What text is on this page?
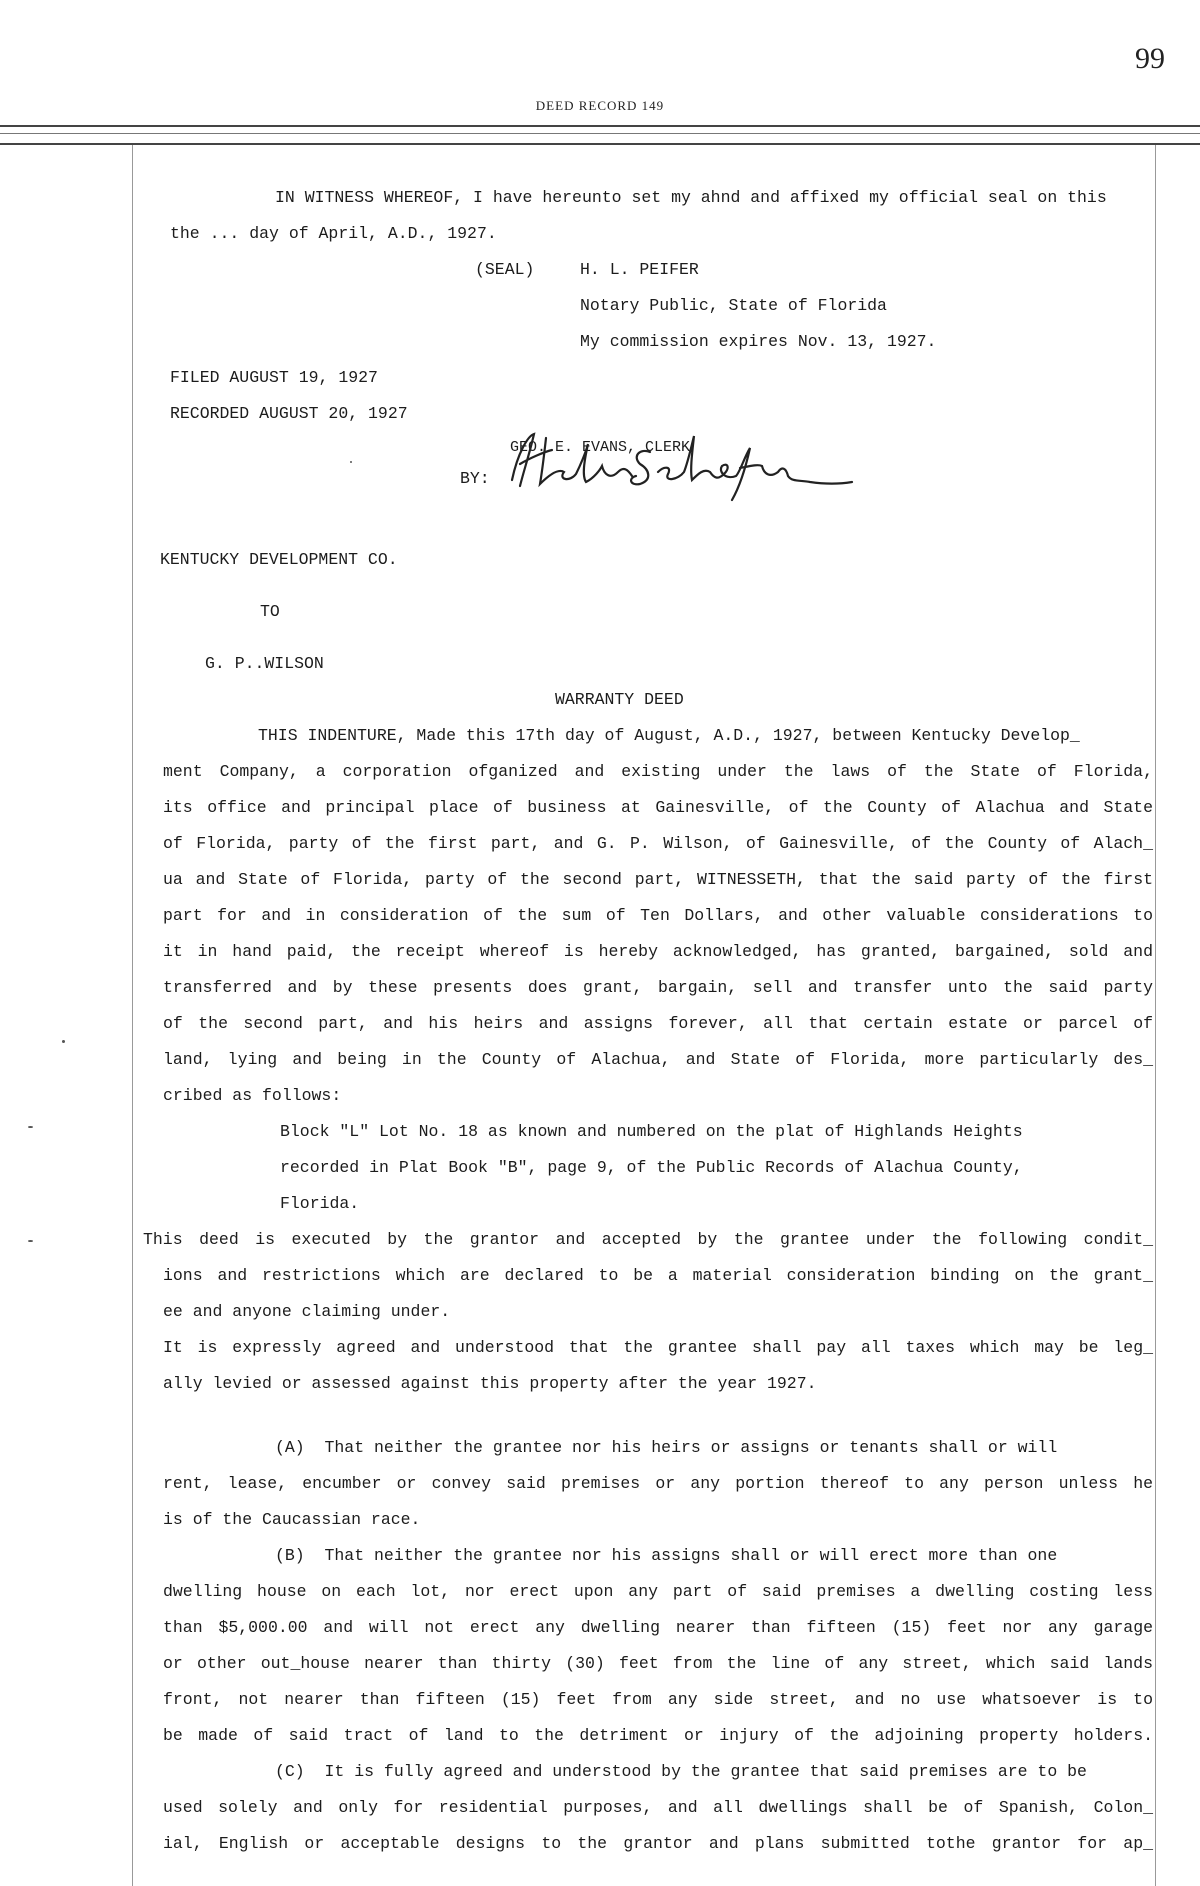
99
DEED RECORD 149
IN WITNESS WHEREOF, I have hereunto set my ahnd and affixed my official seal on this
the ... day of April, A.D., 1927.
(SEAL)	H. L. PEIFER
Notary Public, State of Florida
My commission expires Nov. 13, 1927.
FILED AUGUST 19, 1927
RECORDED AUGUST 20, 1927
GEO. E. EVANS, CLERK
BY:
KENTUCKY DEVELOPMENT CO.
TO
G. P..WILSON
WARRANTY DEED
THIS INDENTURE, Made this 17th day of August, A.D., 1927, between Kentucky Develop_
ment Company, a corporation ofganized and existing under the laws of the State of Florida,
its office and principal place of business at Gainesville, of the County of Alachua and State
of Florida, party of the first part, and G. P. Wilson, of Gainesville, of the County of Alach_
ua and State of Florida, party of the second part, WITNESSETH, that the said party of the first
part for and in consideration of the sum of Ten Dollars, and other valuable considerations to
it in hand paid, the receipt whereof is hereby acknowledged, has granted, bargained, sold and
transferred and by these presents does grant, bargain, sell and transfer unto the said party
of the second part, and his heirs and assigns forever, all that certain estate or parcel of
land, lying and being in the County of Alachua, and State of Florida, more particularly des_
cribed as follows:
Block "L" Lot No. 18 as known and numbered on the plat of Highlands Heights
recorded in Plat Book "B", page 9, of the Public Records of Alachua County,
Florida.
This deed is executed by the grantor and accepted by the grantee under the following condit_
ions and restrictions which are declared to be a material consideration binding on the grant_
ee and anyone claiming under.
It is expressly agreed and understood that the grantee shall pay all taxes which may be leg_
ally levied or assessed against this property after the year 1927.
(A)  That neither the grantee nor his heirs or assigns or tenants shall or will
rent, lease, encumber or convey said premises or any portion thereof to any person unless he
is of the Caucassian race.
(B)  That neither the grantee nor his assigns shall or will erect more than one
dwelling house on each lot, nor erect upon any part of said premises a dwelling costing less
than $5,000.00 and will not erect any dwelling nearer than fifteen (15) feet nor any garage
or other out_house nearer than thirty (30) feet from the line of any street, which said lands
front, not nearer than fifteen (15) feet from any side street, and no use whatsoever is to
be made of said tract of land to the detriment or injury of the adjoining property holders.
(C)  It is fully agreed and understood by the grantee that said premises are to be
used solely and only for residential purposes, and all dwellings shall be of Spanish, Colon_
ial, English or acceptable designs to the grantor and plans submitted tothe grantor for ap_
